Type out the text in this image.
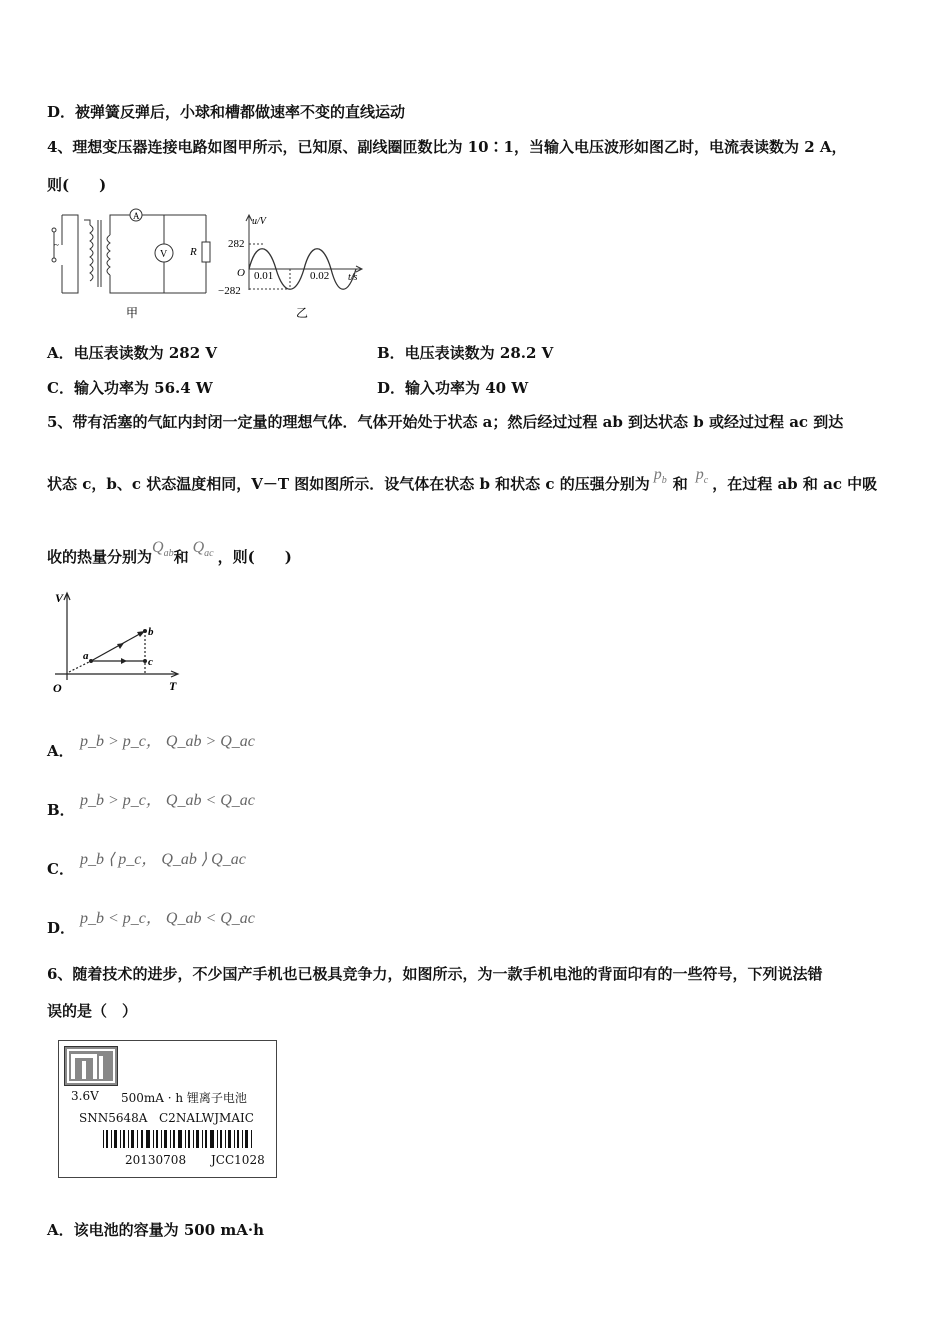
D．被弹簧反弹后，小球和槽都做速率不变的直线运动
4、理想变压器连接电路如图甲所示，已知原、副线圈匝数比为 10∶1，当输入电压波形如图乙时，电流表读数为 2 A，
则(　　)
A
V R
~
甲
u/V
t/s
282
−282
O 0.01	0.02
乙
A．电压表读数为 282 V	B．电压表读数为 28.2 V
C．输入功率为 56.4 W	D．输入功率为 40 W
5、带有活塞的气缸内封闭一定量的理想气体．气体开始处于状态 a；然后经过过程 ab 到达状态 b 或经过过程 ac 到达
状态 c，b、c 状态温度相同，V－T 图如图所示．设气体在状态 b 和状态 c 的压强分别为$p_b$ 和$p_c$ ，在过程 ab 和 ac 中吸
收的热量分别为$Q_{ab}$和$Q_{ac}$ ，则(　　)
V
T
O
a
b
c
A．
p_b > p_c， Q_ab > Q_ac
B．
p_b > p_c， Q_ab < Q_ac
C．
p_b ⟨ p_c， Q_ab ⟩ Q_ac
D．
p_b < p_c， Q_ab < Q_ac
6、随着技术的进步，不少国产手机也已极具竞争力，如图所示，为一款手机电池的背面印有的一些符号，下列说法错
误的是（　）
3.6V 500mA · h 锂离子电池
SNN5648A C2NALWJMAIC
20130708 JCC1028
A．该电池的容量为 500 mA·h
